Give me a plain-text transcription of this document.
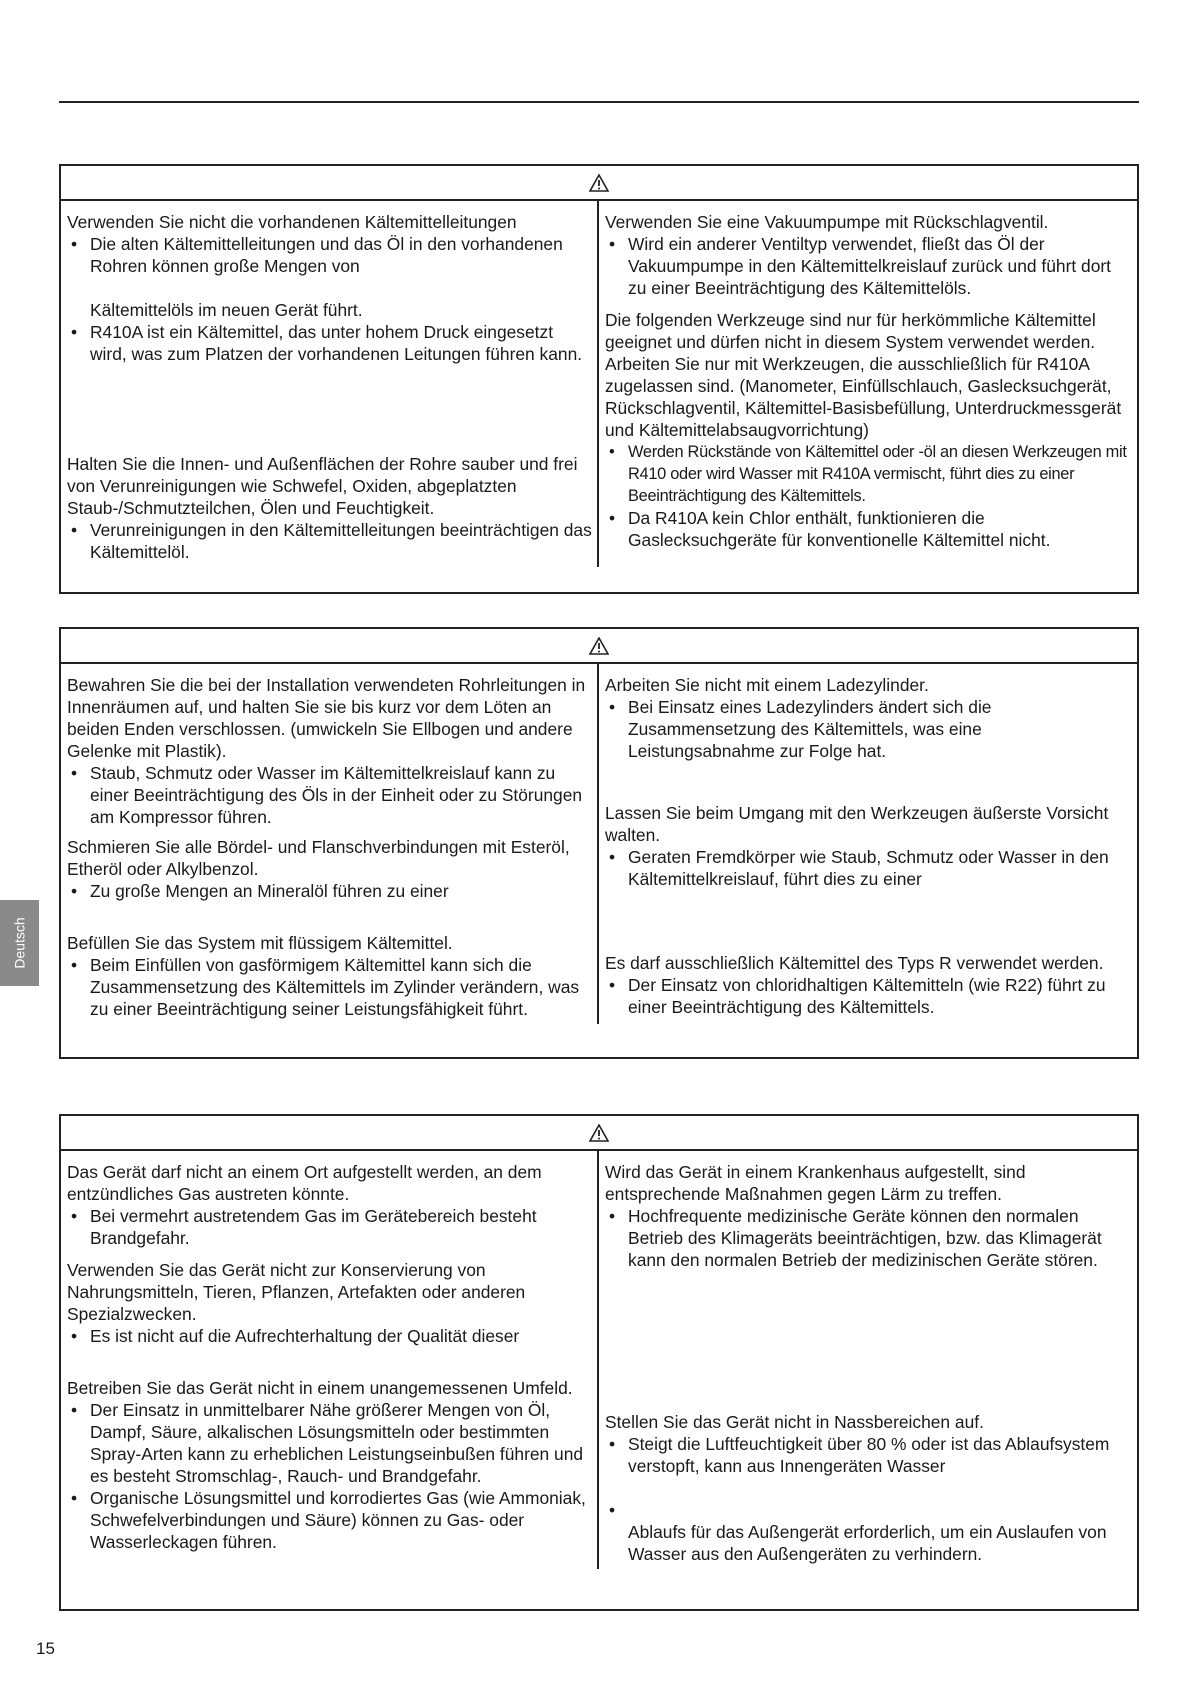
Verwenden Sie nicht die vorhandenen Kältemittelleitungen

• Die alten Kältemittelleitungen und das Öl in den vorhandenen Rohren können große Mengen von

Kältemittelöls im neuen Gerät führt.

• R410A ist ein Kältemittel, das unter hohem Druck eingesetzt wird, was zum Platzen der vorhandenen Leitungen führen kann.

Halten Sie die Innen- und Außenflächen der Rohre sauber und frei von Verunreinigungen wie Schwefel, Oxiden, abgeplatzten Staub-/Schmutzteilchen, Ölen und Feuchtigkeit.

• Verunreinigungen in den Kältemittelleitungen beeinträchtigen das Kältemittelöl.

Verwenden Sie eine Vakuumpumpe mit Rückschlagventil.

• Wird ein anderer Ventiltyp verwendet, fließt das Öl der Vakuumpumpe in den Kältemittelkreislauf zurück und führt dort zu einer Beeinträchtigung des Kältemittelöls.

Die folgenden Werkzeuge sind nur für herkömmliche Kältemittel geeignet und dürfen nicht in diesem System verwendet werden. Arbeiten Sie nur mit Werkzeugen, die ausschließlich für R410A zugelassen sind. (Manometer, Einfüllschlauch, Gaslecksuchgerät, Rückschlagventil, Kältemittel-Basisbefüllung, Unterdruckmessgerät und Kältemittelabsaugvorrichtung)

• Werden Rückstände von Kältemittel oder -öl an diesen Werkzeugen mit R410 oder wird Wasser mit R410A vermischt, führt dies zu einer Beeinträchtigung des Kältemittels.

• Da R410A kein Chlor enthält, funktionieren die Gaslecksuchgeräte für konventionelle Kältemittel nicht.

Bewahren Sie die bei der Installation verwendeten Rohrleitungen in Innenräumen auf, und halten Sie sie bis kurz vor dem Löten an beiden Enden verschlossen. (umwickeln Sie Ellbogen und andere Gelenke mit Plastik).

• Staub, Schmutz oder Wasser im Kältemittelkreislauf kann zu einer Beeinträchtigung des Öls in der Einheit oder zu Störungen am Kompressor führen.

Schmieren Sie alle Bördel- und Flanschverbindungen mit Esteröl, Etheröl oder Alkylbenzol.

• Zu große Mengen an Mineralöl führen zu einer

Befüllen Sie das System mit flüssigem Kältemittel.

• Beim Einfüllen von gasförmigem Kältemittel kann sich die Zusammensetzung des Kältemittels im Zylinder verändern, was zu einer Beeinträchtigung seiner Leistungsfähigkeit führt.

Arbeiten Sie nicht mit einem Ladezylinder.

• Bei Einsatz eines Ladezylinders ändert sich die Zusammensetzung des Kältemittels, was eine Leistungsabnahme zur Folge hat.

Lassen Sie beim Umgang mit den Werkzeugen äußerste Vorsicht walten.

• Geraten Fremdkörper wie Staub, Schmutz oder Wasser in den Kältemittelkreislauf, führt dies zu einer

Es darf ausschließlich Kältemittel des Typs R verwendet werden.

• Der Einsatz von chloridhaltigen Kältemitteln (wie R22) führt zu einer Beeinträchtigung des Kältemittels.

Das Gerät darf nicht an einem Ort aufgestellt werden, an dem entzündliches Gas austreten könnte.

• Bei vermehrt austretendem Gas im Gerätebereich besteht Brandgefahr.

Verwenden Sie das Gerät nicht zur Konservierung von Nahrungsmitteln, Tieren, Pflanzen, Artefakten oder anderen Spezialzwecken.

• Es ist nicht auf die Aufrechterhaltung der Qualität dieser

Betreiben Sie das Gerät nicht in einem unangemessenen Umfeld.

• Der Einsatz in unmittelbarer Nähe größerer Mengen von Öl, Dampf, Säure, alkalischen Lösungsmitteln oder bestimmten Spray-Arten kann zu erheblichen Leistungseinbußen führen und es besteht Stromschlag-, Rauch- und Brandgefahr.

• Organische Lösungsmittel und korrodiertes Gas (wie Ammoniak, Schwefelverbindungen und Säure) können zu Gas- oder Wasserleckagen führen.

Wird das Gerät in einem Krankenhaus aufgestellt, sind entsprechende Maßnahmen gegen Lärm zu treffen.

• Hochfrequente medizinische Geräte können den normalen Betrieb des Klimageräts beeinträchtigen, bzw. das Klimagerät kann den normalen Betrieb der medizinischen Geräte stören.

Stellen Sie das Gerät nicht in Nassbereichen auf.

• Steigt die Luftfeuchtigkeit über 80 % oder ist das Ablaufsystem verstopft, kann aus Innengeräten Wasser

•

Ablaufs für das Außengerät erforderlich, um ein Auslaufen von Wasser aus den Außengeräten zu verhindern.

Deutsch
15
